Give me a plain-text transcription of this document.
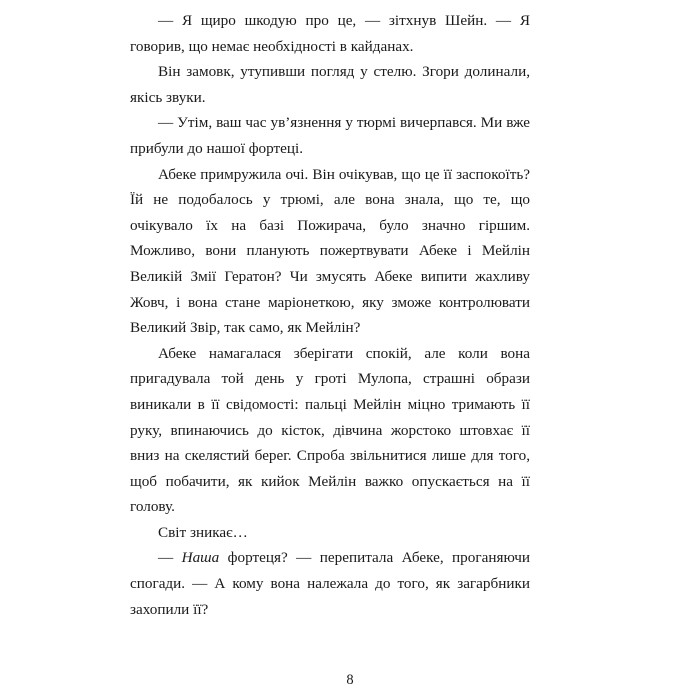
— Я щиро шкодую про це, — зітхнув Шейн. — Я говорив, що немає необхідності в кайданах.

Він замовк, утупивши погляд у стелю. Згори долинали, якісь звуки.

— Утім, ваш час ув’язнення у тюрмі вичерпався. Ми вже прибули до нашої фортеці.

Абеке примружила очі. Він очікував, що це її заспокоїть? Їй не подобалось у трюмі, але вона знала, що те, що очікувало їх на базі Пожирача, було значно гіршим. Можливо, вони планують пожертвувати Абеке і Мейлін Великій Змії Гератон? Чи змусять Абеке випити жахливу Жовч, і вона стане маріонеткою, яку зможе контролювати Великий Звір, так само, як Мейлін?

Абеке намагалася зберігати спокій, але коли вона пригадувала той день у гроті Мулопа, страшні образи виникали в її свідомості: пальці Мейлін міцно тримають її руку, впинаючись до кісток, дівчина жорстоко штовхає її вниз на скелястий берег. Спроба звільнитися лише для того, щоб побачити, як кийок Мейлін важко опускається на її голову.

Світ зникає…

— Наша фортеця? — перепитала Абеке, проганяючи спогади. — А кому вона належала до того, як загарбники захопили її?

8
